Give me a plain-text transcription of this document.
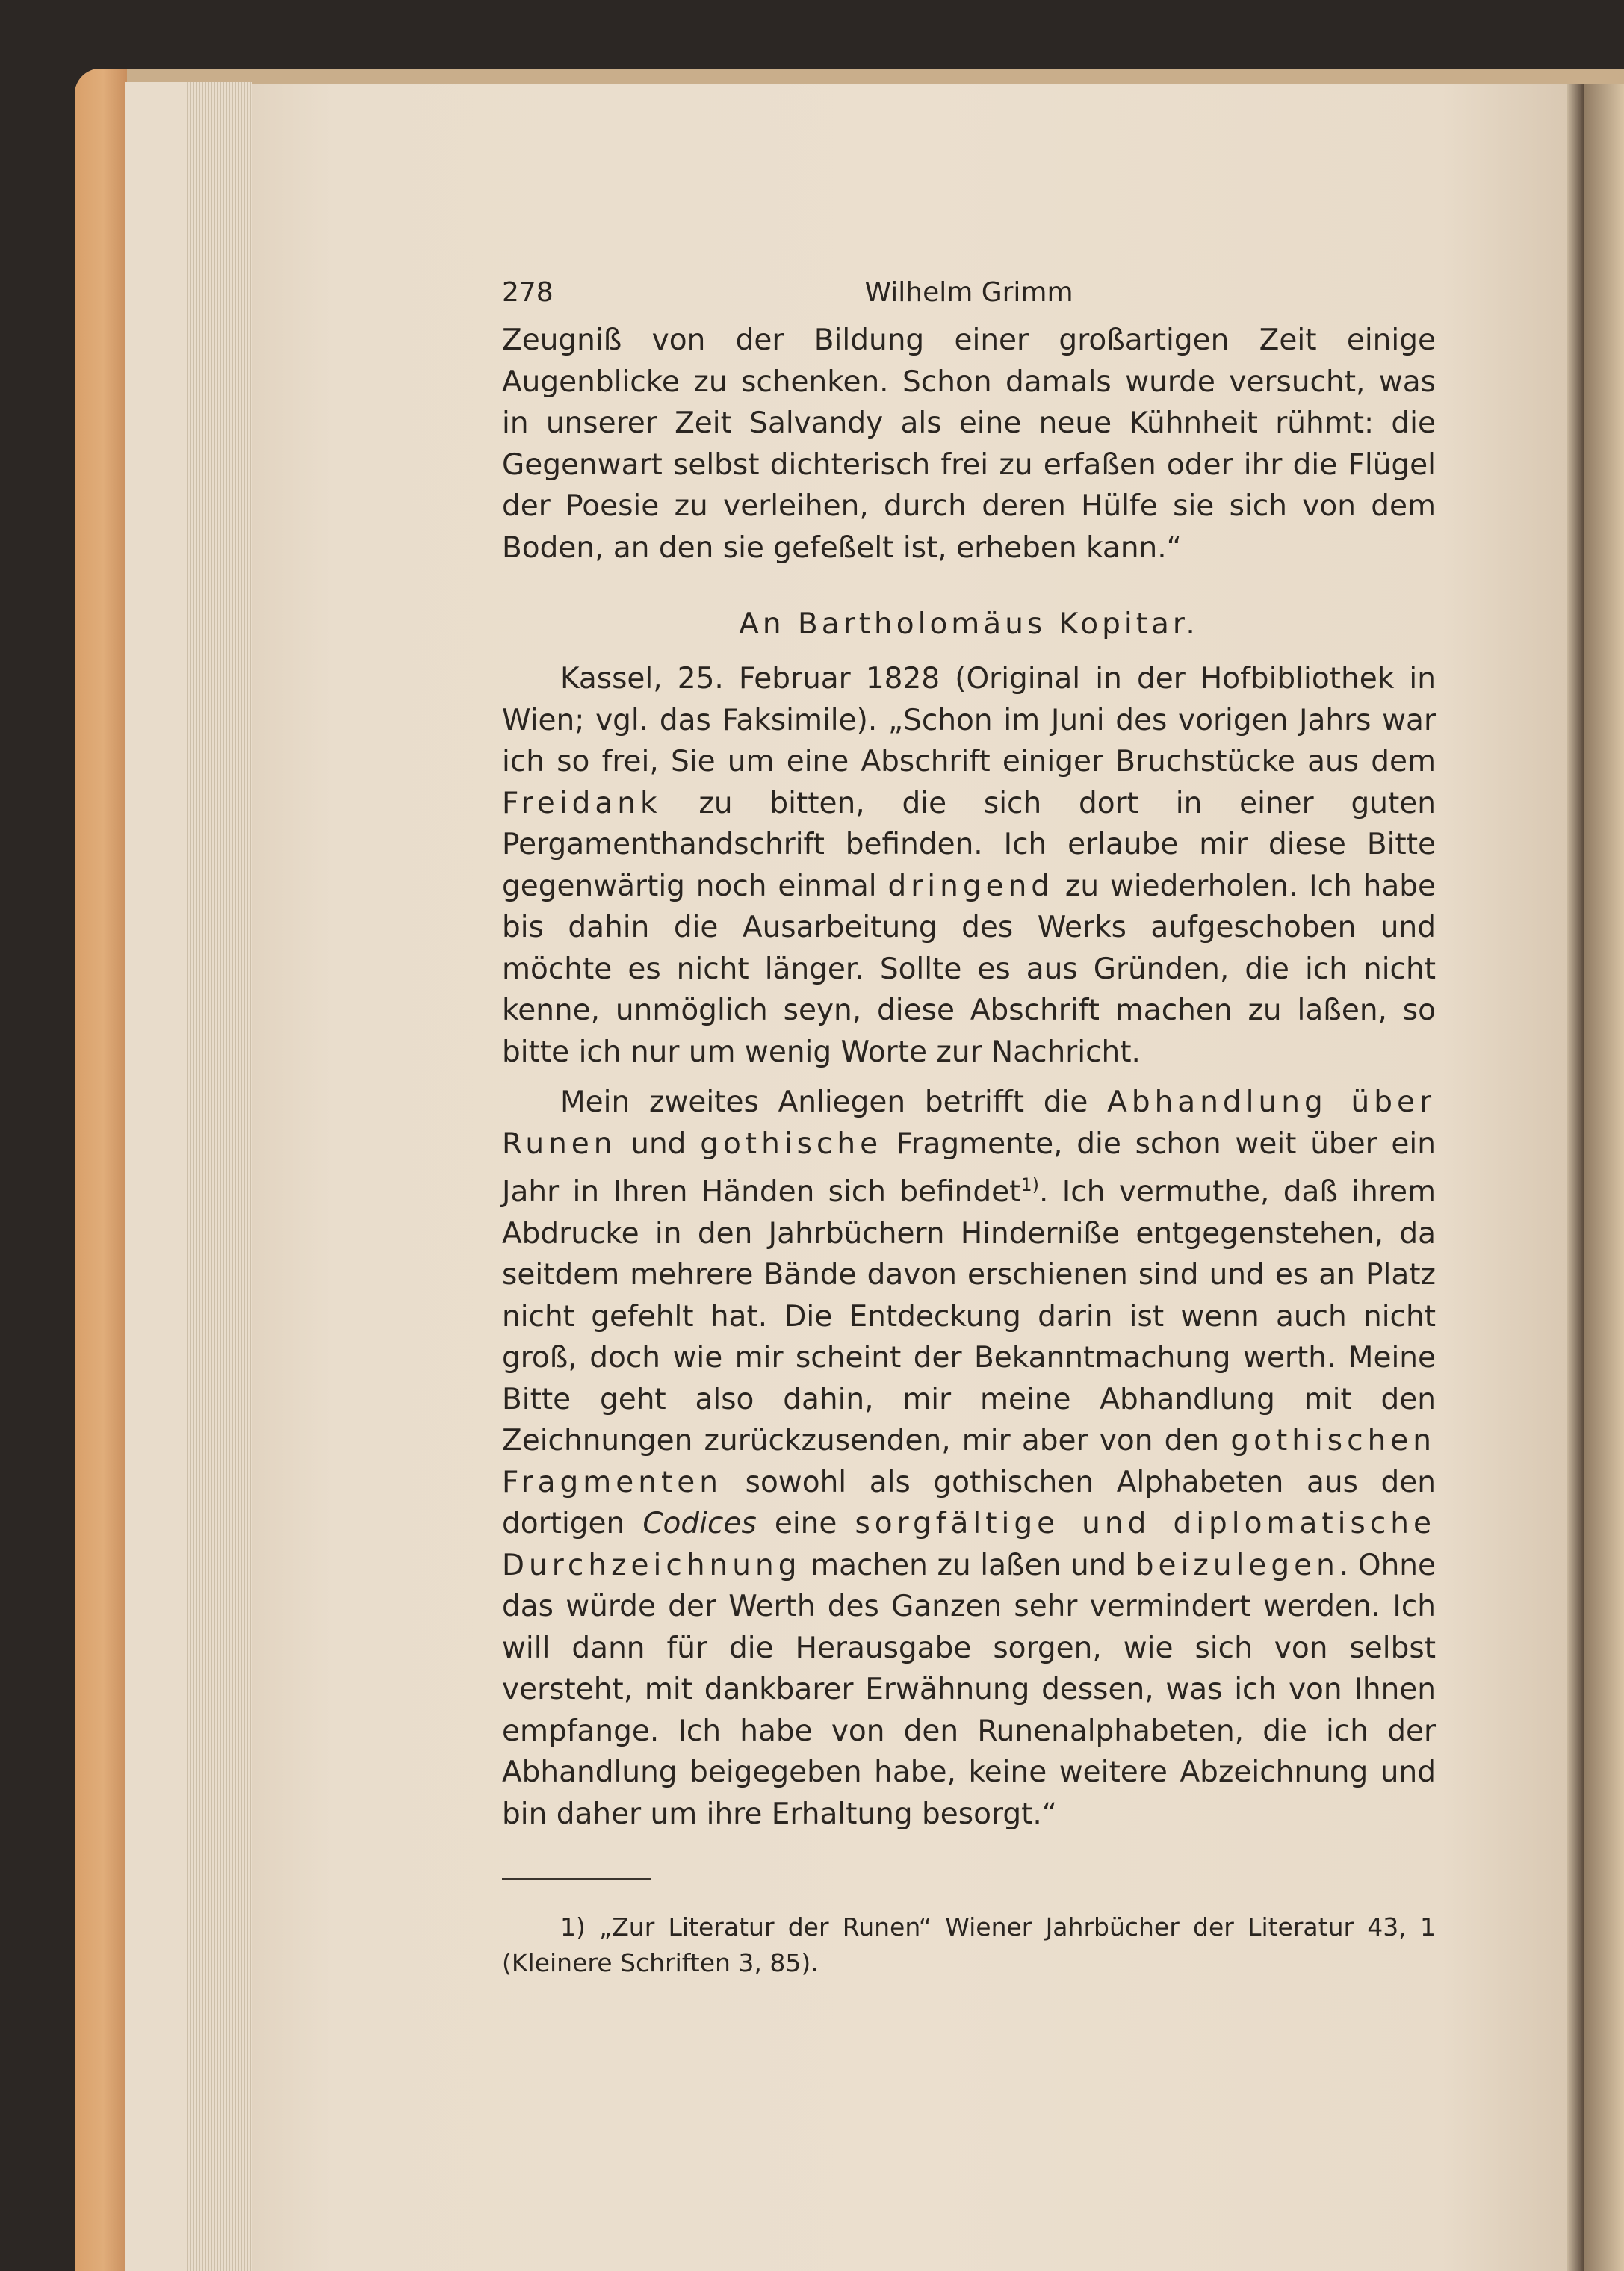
278	Wilhelm Grimm

Zeugniß von der Bildung einer großartigen Zeit einige Augenblicke zu schenken. Schon damals wurde versucht, was in unserer Zeit Salvandy als eine neue Kühnheit rühmt: die Gegenwart selbst dichterisch frei zu erfaßen oder ihr die Flügel der Poesie zu verleihen, durch deren Hülfe sie sich von dem Boden, an den sie gefeßelt ist, erheben kann.“

An Bartholomäus Kopitar.

Kassel, 25. Februar 1828 (Original in der Hofbibliothek in Wien; vgl. das Faksimile). „Schon im Juni des vorigen Jahrs war ich so frei, Sie um eine Abschrift einiger Bruchstücke aus dem Freidank zu bitten, die sich dort in einer guten Pergamenthandschrift befinden. Ich erlaube mir diese Bitte gegenwärtig noch einmal dringend zu wiederholen. Ich habe bis dahin die Ausarbeitung des Werks aufgeschoben und möchte es nicht länger. Sollte es aus Gründen, die ich nicht kenne, unmöglich seyn, diese Abschrift machen zu laßen, so bitte ich nur um wenig Worte zur Nachricht.

Mein zweites Anliegen betrifft die Abhandlung über Runen und gothische Fragmente, die schon weit über ein Jahr in Ihren Händen sich befindet$^{1)}$. Ich vermuthe, daß ihrem Abdrucke in den Jahrbüchern Hinderniße entgegenstehen, da seitdem mehrere Bände davon erschienen sind und es an Platz nicht gefehlt hat. Die Entdeckung darin ist wenn auch nicht groß, doch wie mir scheint der Bekanntmachung werth. Meine Bitte geht also dahin, mir meine Abhandlung mit den Zeichnungen zurückzusenden, mir aber von den gothischen Fragmenten sowohl als gothischen Alphabeten aus den dortigen Codices eine sorgfältige und diplomatische Durchzeichnung machen zu laßen und beizulegen. Ohne das würde der Werth des Ganzen sehr vermindert werden. Ich will dann für die Herausgabe sorgen, wie sich von selbst versteht, mit dankbarer Erwähnung dessen, was ich von Ihnen empfange. Ich habe von den Runenalphabeten, die ich der Abhandlung beigegeben habe, keine weitere Abzeichnung und bin daher um ihre Erhaltung besorgt.“

1) „Zur Literatur der Runen“ Wiener Jahrbücher der Literatur 43, 1 (Kleinere Schriften 3, 85).
